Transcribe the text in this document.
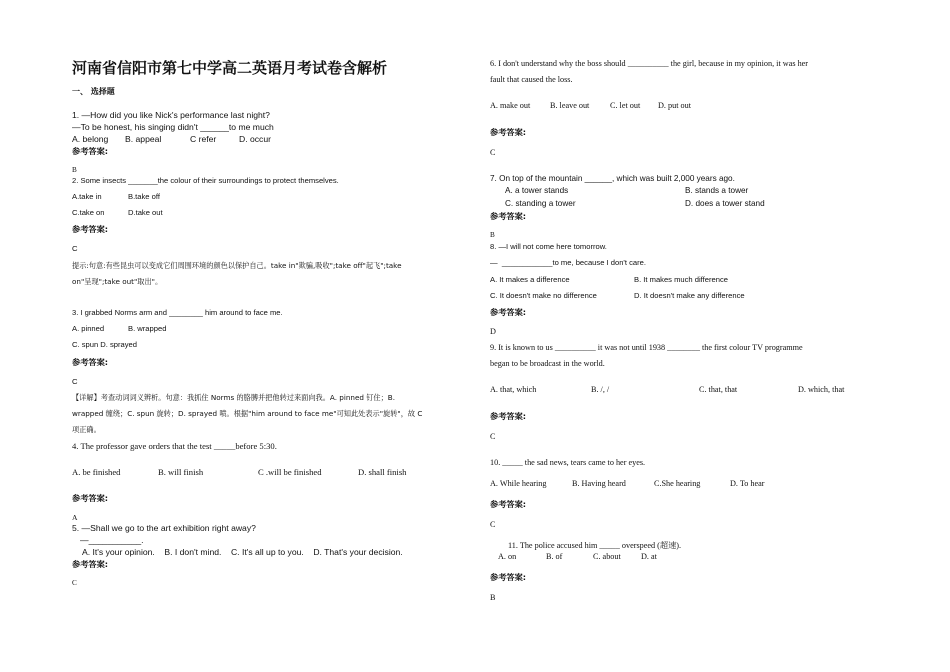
河南省信阳市第七中学高二英语月考试卷含解析
一、 选择题
1. —How did you like Nick's performance last night?
—To be honest, his singing didn't ______to me much
A. belong B. appeal	C refer	D. occur
参考答案:
B
2. Some insects _______the colour of their surroundings to protect themselves.
A.take in	B.take off
C.take on	D.take out
参考答案:
C
提示:句意:有些昆虫可以变成它们周围环境的颜色以保护自己。take in"欺骗,吸收";take off"起飞";take
on"呈现";take out"取出"。
3. I grabbed Norms arm and ________ him around to face me.
A. pinned	B. wrapped
C. spun D. sprayed
参考答案:
C
【详解】考查动词词义辨析。句意：我抓住 Norms 的胳膊并把他转过来面向我。A. pinned 钉住；B.
wrapped 缠绕；C. spun 旋转；D. sprayed 喷。根据"him around to face me"可知此处表示"旋转"，故 C
项正确。
4. The professor gave orders that the test _____before 5:30.
A. be finished	B. will finish	C .will be finished	D. shall finish
参考答案:
A
5. —Shall we go to the art exhibition right away?
—___________.
A. It's your opinion.    B. I don't mind.    C. It's all up to you.    D. That's your decision.
参考答案:
C
6. I don't understand why the boss should __________ the girl, because in my opinion, it was her
fault that caused the loss.
A. make out B. leave out	C. let out D. put out
参考答案:
C
7. On top of the mountain ______, which was built 2,000 years ago.
A. a tower stands	B. stands a tower
C. standing a tower	D. does a tower stand
参考答案:
B
8. —I will not come here tomorrow.
—  ____________to me, because I don't care.
A. It makes a difference	B. It makes much difference
C. It doesn't make no difference	D. It doesn't make any difference
参考答案:
D
9. It is known to us __________ it was not until 1938 ________ the first colour TV programme
began to be broadcast in the world.
A. that, which	B. /, /	C. that, that	D. which, that
参考答案:
C
10. _____ the sad news, tears came to her eyes.
A. While hearing	B. Having heard	C.She hearing	D. To hear
参考答案:
C
11. The police accused him _____ overspeed (超速).
A. on	B. of	C. about D. at
参考答案:
B
